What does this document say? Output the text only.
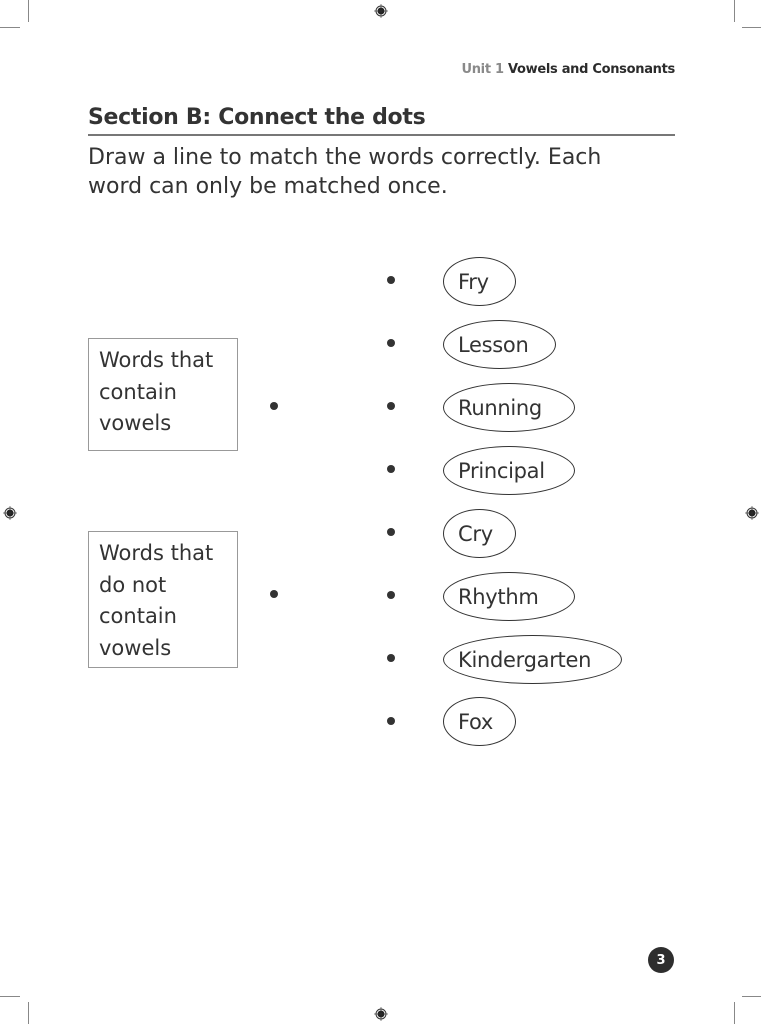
Unit 1 Vowels and Consonants
Section B: Connect the dots
Draw a line to match the words correctly. Each word can only be matched once.
Words that
contain
vowels
Words that
do not
contain
vowels
Fry
Lesson
Running
Principal
Cry
Rhythm
Kindergarten
Fox
3
